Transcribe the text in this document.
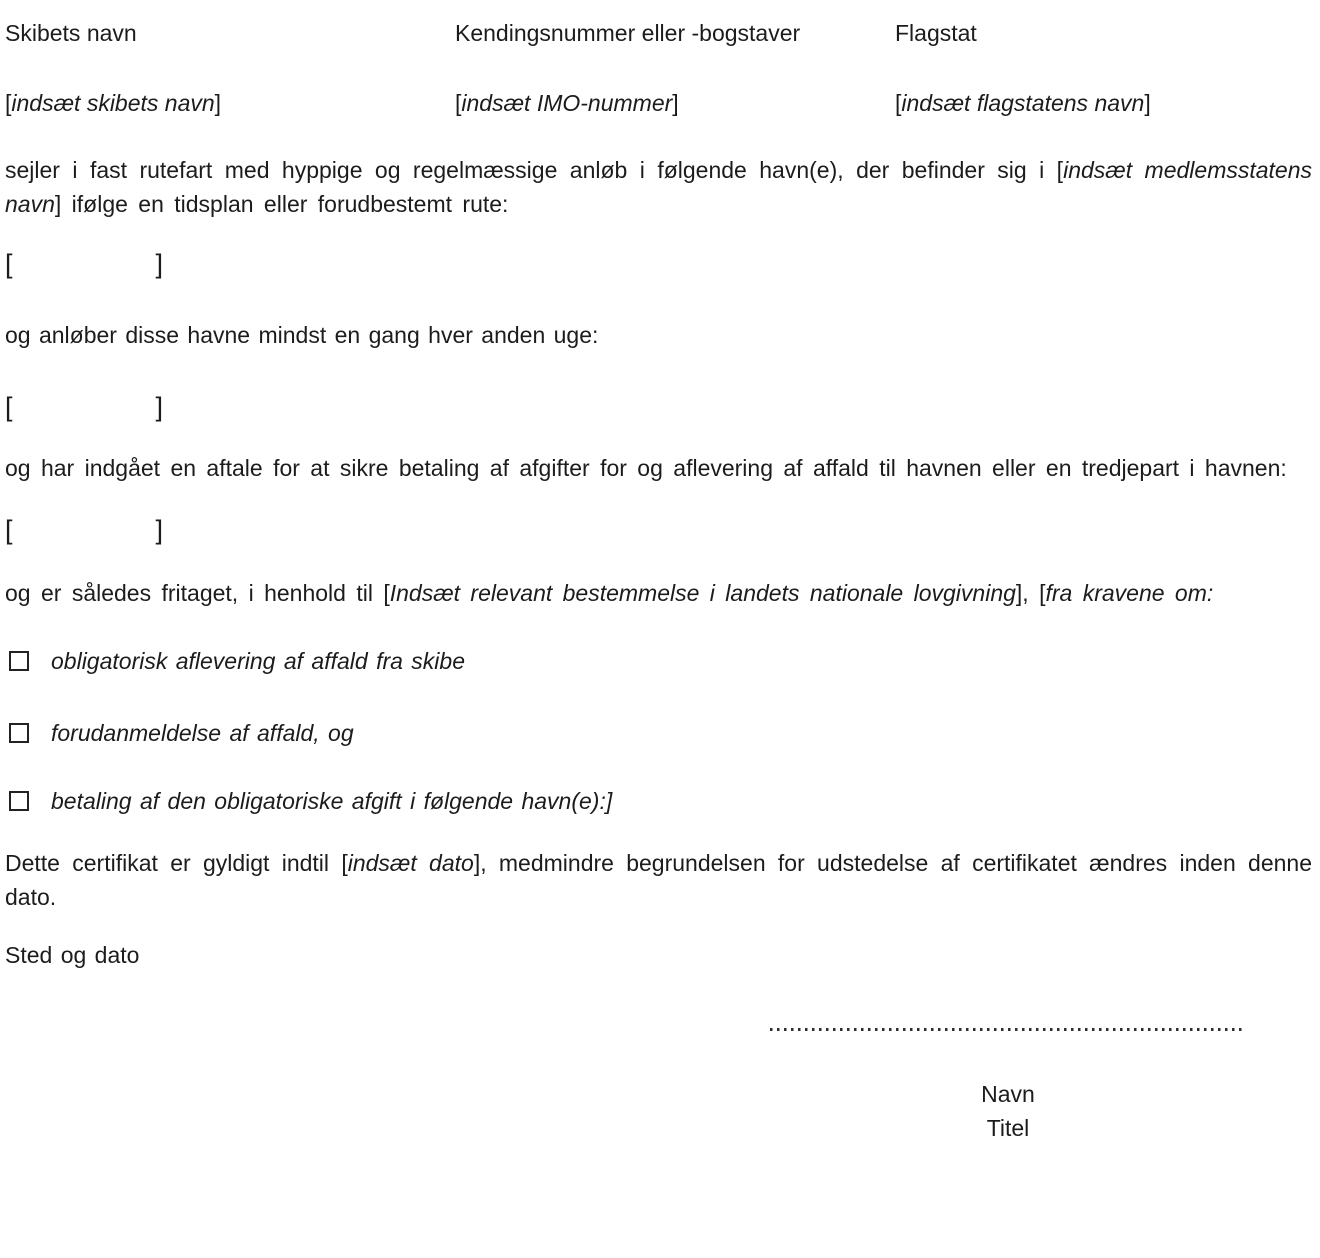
Skibets navn	Kendingsnummer eller -bogstaver	Flagstat
[indsæt skibets navn]	[indsæt IMO-nummer]	[indsæt flagstatens navn]

sejler i fast rutefart med hyppige og regelmæssige anløb i følgende havn(e), der befinder sig i [indsæt medlemsstatens navn] ifølge en tidsplan eller forudbestemt rute:

[	]

og anløber disse havne mindst en gang hver anden uge:

[	]

og har indgået en aftale for at sikre betaling af afgifter for og aflevering af affald til havnen eller en tredjepart i havnen:

[	]

og er således fritaget, i henhold til [Indsæt relevant bestemmelse i landets nationale lovgivning], [fra kravene om:

obligatorisk aflevering af affald fra skibe
forudanmeldelse af affald, og
betaling af den obligatoriske afgift i følgende havn(e):]

Dette certifikat er gyldigt indtil [indsæt dato], medmindre begrundelsen for udstedelse af certifikatet ændres inden denne dato.

Sted og dato

Navn

Titel
